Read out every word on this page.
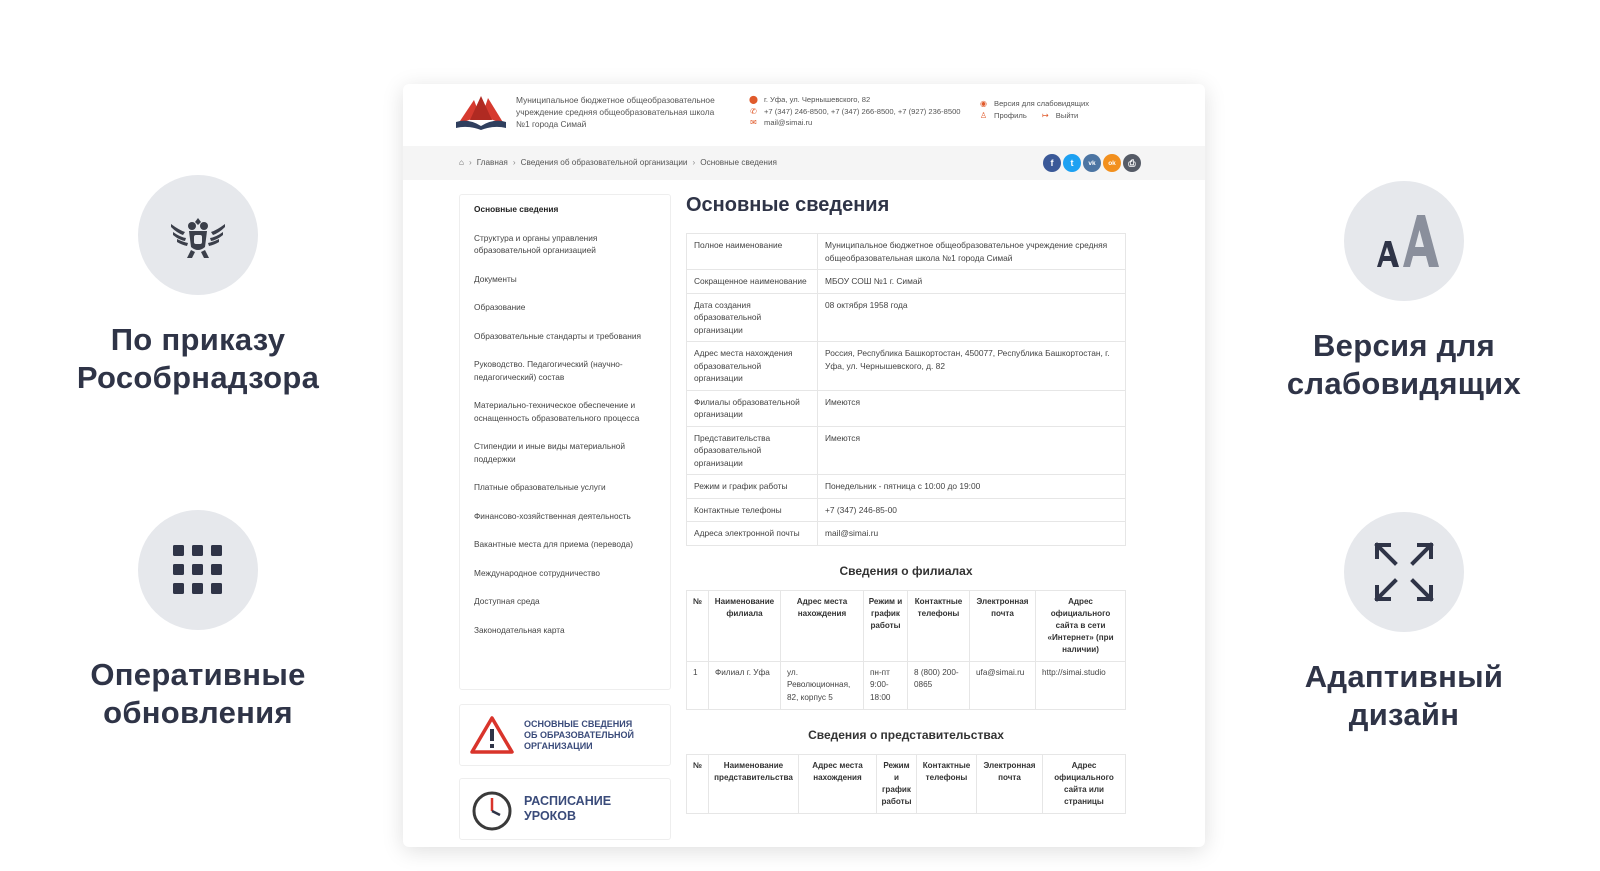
По приказу
Рособрнадзора
Оперативные
обновления
Версия для
слабовидящих
Адаптивный
дизайн
Муниципальное бюджетное общеобразовательное учреждение средняя общеобразовательная школа №1 города Симай
⬤ г. Уфа, ул. Чернышевского, 82
✆ +7 (347) 246-8500, +7 (347) 266-8500, +7 (927) 236-8500
✉ mail@simai.ru
◉ Версия для слабовидящих
♙ Профиль ↦ Выйти
⌂ › Главная › Сведения об образовательной организации › Основные сведения	f	t	vk	ok	⎙
Основные сведения
Структура и органы управления образовательной организацией
Документы
Образование
Образовательные стандарты и требования
Руководство. Педагогический (научно-педагогический) состав
Материально-техническое обеспечение и оснащенность образовательного процесса
Стипендии и иные виды материальной поддержки
Платные образовательные услуги
Финансово-хозяйственная деятельность
Вакантные места для приема (перевода)
Международное сотрудничество
Доступная среда
Законодательная карта
ОСНОВНЫЕ СВЕДЕНИЯ
ОБ ОБРАЗОВАТЕЛЬНОЙ
ОРГАНИЗАЦИИ
РАСПИСАНИЕ
УРОКОВ
Основные сведения
Полное наименование	Муниципальное бюджетное общеобразовательное учреждение средняя общеобразовательная школа №1 города Симай
Сокращенное наименование	МБОУ СОШ №1 г. Симай
Дата создания образовательной организации	08 октября 1958 года
Адрес места нахождения образовательной организации	Россия, Республика Башкортостан, 450077, Республика Башкортостан, г. Уфа, ул. Чернышевского, д. 82
Филиалы образовательной организации	Имеются
Представительства образовательной организации	Имеются
Режим и график работы	Понедельник - пятница с 10:00 до 19:00
Контактные телефоны	+7 (347) 246-85-00
Адреса электронной почты	mail@simai.ru
Сведения о филиалах
№	Наименование филиала	Адрес места нахождения	Режим и график работы	Контактные телефоны	Электронная почта	Адрес официального сайта в сети «Интернет» (при наличии)
1	Филиал г. Уфа	ул. Революционная, 82, корпус 5	пн-пт 9:00-18:00	8 (800) 200-0865	ufa@simai.ru	http://simai.studio
Сведения о представительствах
№	Наименование представительства	Адрес места нахождения	Режим и график работы	Контактные телефоны	Электронная почта	Адрес официального сайта или страницы
